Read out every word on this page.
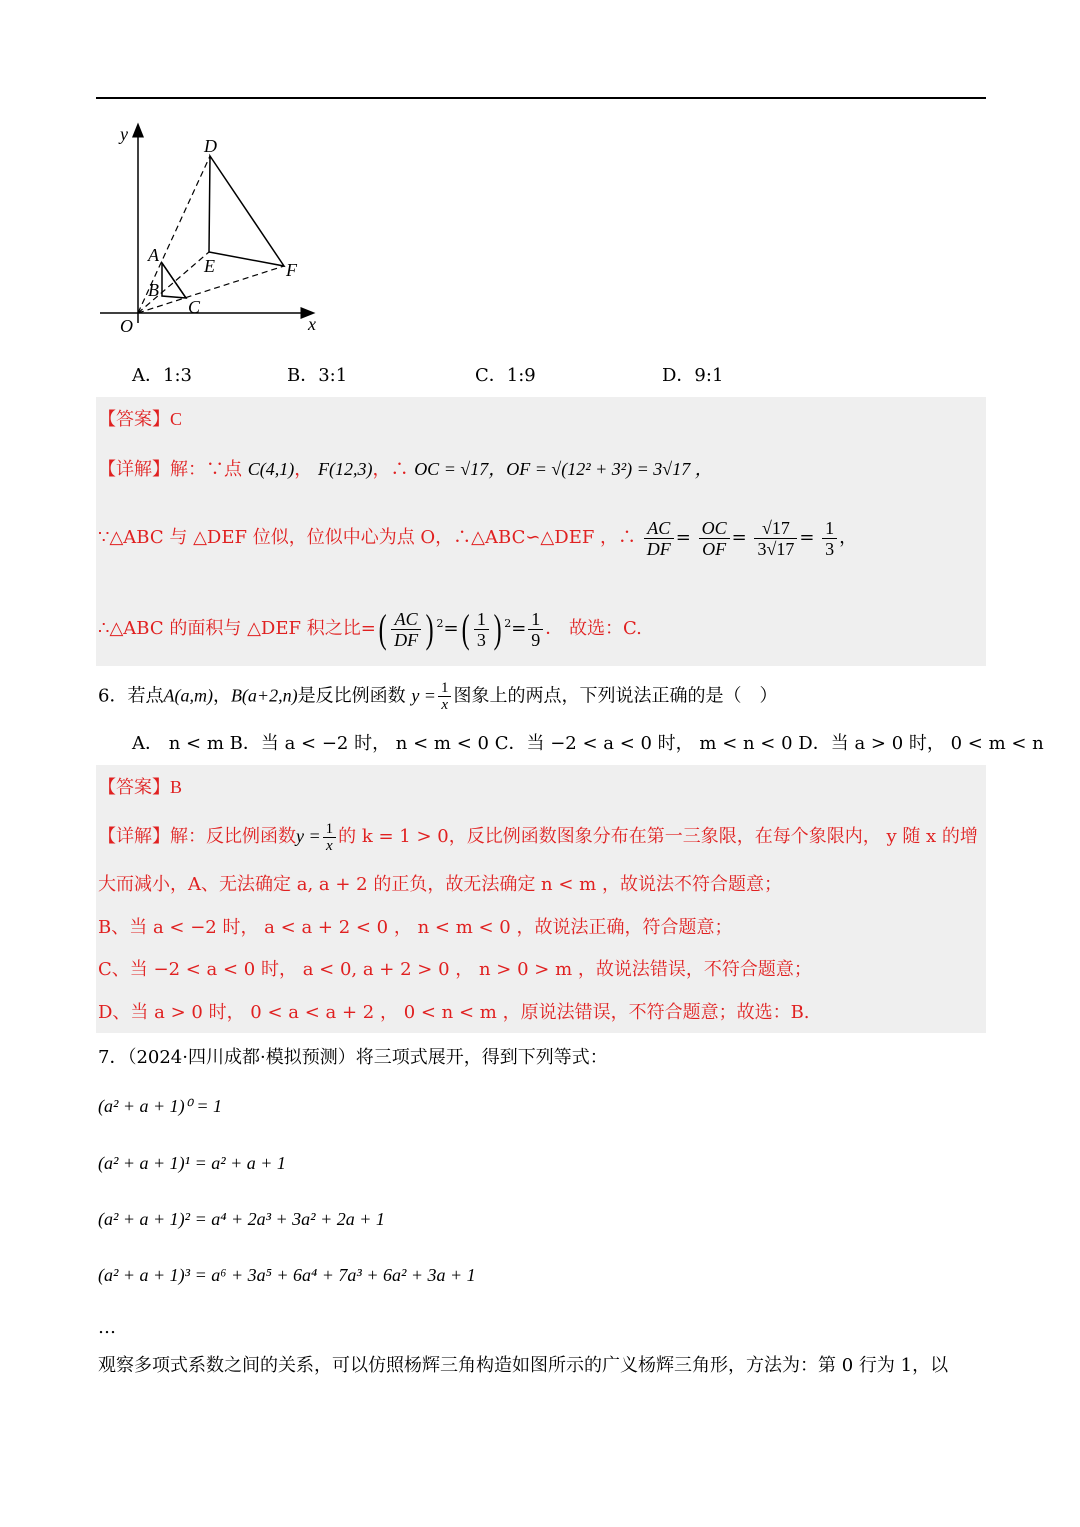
y
x
O
A
B
C
D
E	F
A．1:3	B．3:1	C．1:9	D．9:1
【答案】C
【详解】解：∵点 C(4,1)， F(12,3)，∴ OC = √17，OF = √(12² + 3²) = 3√17 ，
∵△ABC 与 △DEF 位似，位似中心为点 O，∴△ABC∽△DEF ，∴ $\frac{AC}{DF} = \frac{OC}{OF} = \frac{√17}{3√17} = \frac{1}{3}$ ，
∴△ABC 的面积与 △DEF 积之比=( $\frac{AC}{DF}$ ) $^2=( \frac{1}{3}$ ) $^2= \frac{1}{9}$ ． 故选：C.
6．若点A(a,m)，B(a+2,n)是反比例函数 $y = \frac{1}{x}$ 图象上的两点，下列说法正确的是（　）
A． n < m B．当 a < −2 时， n < m < 0 C．当 −2 < a < 0 时， m < n < 0 D．当 a > 0 时， 0 < m < n
【答案】B
【详解】解：反比例函数$y = \frac{1}{x}$ 的 k = 1 > 0，反比例函数图象分布在第一三象限，在每个象限内， y 随 x 的增
大而减小，A、无法确定 a, a + 2 的正负，故无法确定 n < m ，故说法不符合题意；
B、当 a < −2 时， a < a + 2 < 0 ， n < m < 0 ，故说法正确，符合题意；
C、当 −2 < a < 0 时， a < 0, a + 2 > 0 ， n > 0 > m ，故说法错误，不符合题意；
D、当 a > 0 时， 0 < a < a + 2 ， 0 < n < m ，原说法错误，不符合题意；故选：B.
7．（2024·四川成都·模拟预测）将三项式展开，得到下列等式：
(a² + a + 1)⁰ = 1
(a² + a + 1)¹ = a² + a + 1
(a² + a + 1)² = a⁴ + 2a³ + 3a² + 2a + 1
(a² + a + 1)³ = a⁶ + 3a⁵ + 6a⁴ + 7a³ + 6a² + 3a + 1
…
观察多项式系数之间的关系，可以仿照杨辉三角构造如图所示的广义杨辉三角形，方法为：第 0 行为 1，以
